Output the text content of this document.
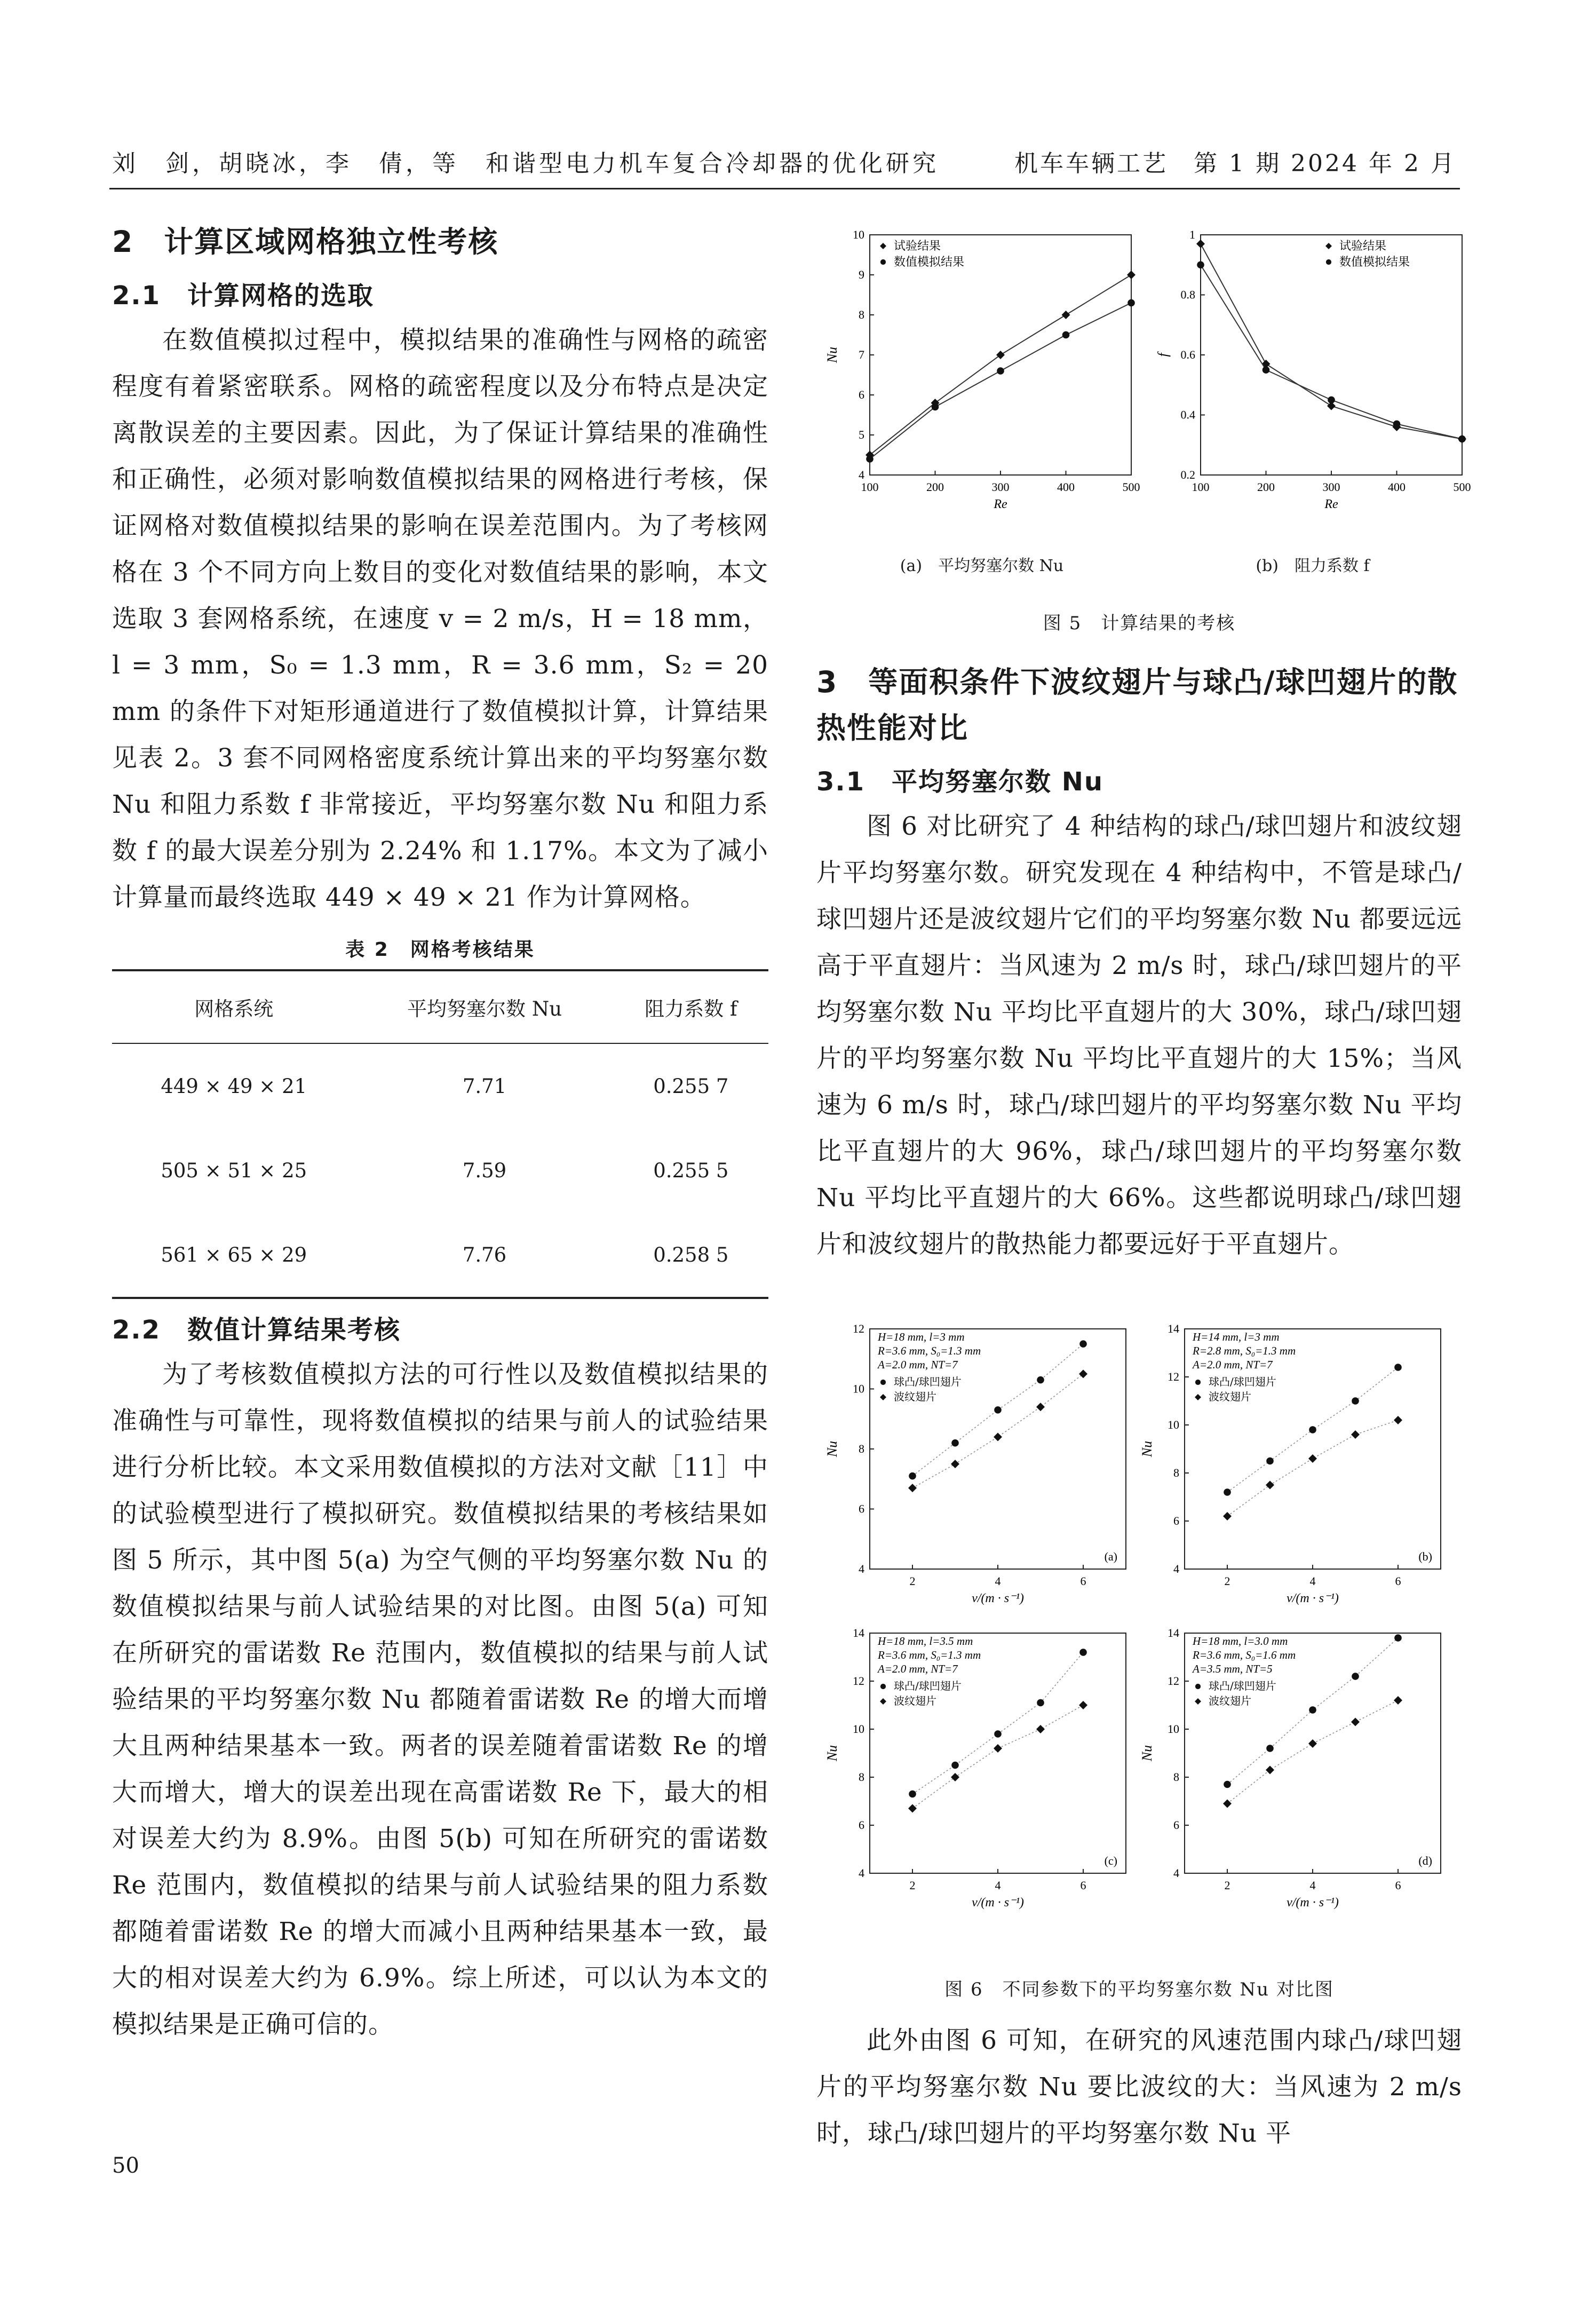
刘　剑，胡晓冰，李　倩，等　和谐型电力机车复合冷却器的优化研究	机车车辆工艺　第 1 期 2024 年 2 月
2　计算区域网格独立性考核
2.1　计算网格的选取

在数值模拟过程中，模拟结果的准确性与网格的疏密程度有着紧密联系。网格的疏密程度以及分布特点是决定离散误差的主要因素。因此，为了保证计算结果的准确性和正确性，必须对影响数值模拟结果的网格进行考核，保证网格对数值模拟结果的影响在误差范围内。为了考核网格在 3 个不同方向上数目的变化对数值结果的影响，本文选取 3 套网格系统，在速度 v = 2 m/s，H = 18 mm，l = 3 mm，S₀ = 1.3 mm，R = 3.6 mm，S₂ = 20 mm 的条件下对矩形通道进行了数值模拟计算，计算结果见表 2。3 套不同网格密度系统计算出来的平均努塞尔数 Nu 和阻力系数 f 非常接近，平均努塞尔数 Nu 和阻力系数 f 的最大误差分别为 2.24% 和 1.17%。本文为了减小计算量而最终选取 449 × 49 × 21 作为计算网格。

表 2　网格考核结果
网格系统	平均努塞尔数 Nu	阻力系数 f
449 × 49 × 21	7.71	0.255 7
505 × 51 × 25	7.59	0.255 5
561 × 65 × 29	7.76	0.258 5
2.2　数值计算结果考核

为了考核数值模拟方法的可行性以及数值模拟结果的准确性与可靠性，现将数值模拟的结果与前人的试验结果进行分析比较。本文采用数值模拟的方法对文献［11］中的试验模型进行了模拟研究。数值模拟结果的考核结果如图 5 所示，其中图 5(a) 为空气侧的平均努塞尔数 Nu 的数值模拟结果与前人试验结果的对比图。由图 5(a) 可知在所研究的雷诺数 Re 范围内，数值模拟的结果与前人试验结果的平均努塞尔数 Nu 都随着雷诺数 Re 的增大而增大且两种结果基本一致。两者的误差随着雷诺数 Re 的增大而增大，增大的误差出现在高雷诺数 Re 下，最大的相对误差大约为 8.9%。由图 5(b) 可知在所研究的雷诺数 Re 范围内，数值模拟的结果与前人试验结果的阻力系数都随着雷诺数 Re 的增大而减小且两种结果基本一致，最大的相对误差大约为 6.9%。综上所述，可以认为本文的模拟结果是正确可信的。

100	200	300	400	500
4
5
6
7
8
9
10
Re
Nu
试验结果
数值模拟结果
100	200	300	400	500
0.2
0.4
0.6
0.8
1
Re
f
试验结果
数值模拟结果
(a)　平均努塞尔数 Nu	(b)　阻力系数 f
图 5　计算结果的考核
3　等面积条件下波纹翅片与球凸/球凹翅片的散热性能对比
3.1　平均努塞尔数 Nu

图 6 对比研究了 4 种结构的球凸/球凹翅片和波纹翅片平均努塞尔数。研究发现在 4 种结构中，不管是球凸/球凹翅片还是波纹翅片它们的平均努塞尔数 Nu 都要远远高于平直翅片：当风速为 2 m/s 时，球凸/球凹翅片的平均努塞尔数 Nu 平均比平直翅片的大 30%，球凸/球凹翅片的平均努塞尔数 Nu 平均比平直翅片的大 15%；当风速为 6 m/s 时，球凸/球凹翅片的平均努塞尔数 Nu 平均比平直翅片的大 96%，球凸/球凹翅片的平均努塞尔数 Nu 平均比平直翅片的大 66%。这些都说明球凸/球凹翅片和波纹翅片的散热能力都要远好于平直翅片。

2	4	6
4
6
8
10
12
v/(m · s⁻¹)
Nu
H=18 mm, l=3 mm
R=3.6 mm, S₀=1.3 mm
A=2.0 mm, NT=7
球凸/球凹翅片
波纹翅片
(a)
2	4	6
4
6
8
10
12
14
v/(m · s⁻¹)
Nu
H=14 mm, l=3 mm
R=2.8 mm, S₀=1.3 mm
A=2.0 mm, NT=7
球凸/球凹翅片
波纹翅片
(b)
2	4	6
4
6
8
10
12
14
v/(m · s⁻¹)
Nu
H=18 mm, l=3.5 mm
R=3.6 mm, S₀=1.3 mm
A=2.0 mm, NT=7
球凸/球凹翅片
波纹翅片
(c)
2	4	6
4
6
8
10
12
14
v/(m · s⁻¹)
Nu
H=18 mm, l=3.0 mm
R=3.6 mm, S₀=1.6 mm
A=3.5 mm, NT=5
球凸/球凹翅片
波纹翅片
(d)
图 6　不同参数下的平均努塞尔数 Nu 对比图

此外由图 6 可知，在研究的风速范围内球凸/球凹翅片的平均努塞尔数 Nu 要比波纹的大：当风速为 2 m/s 时，球凸/球凹翅片的平均努塞尔数 Nu 平

50
